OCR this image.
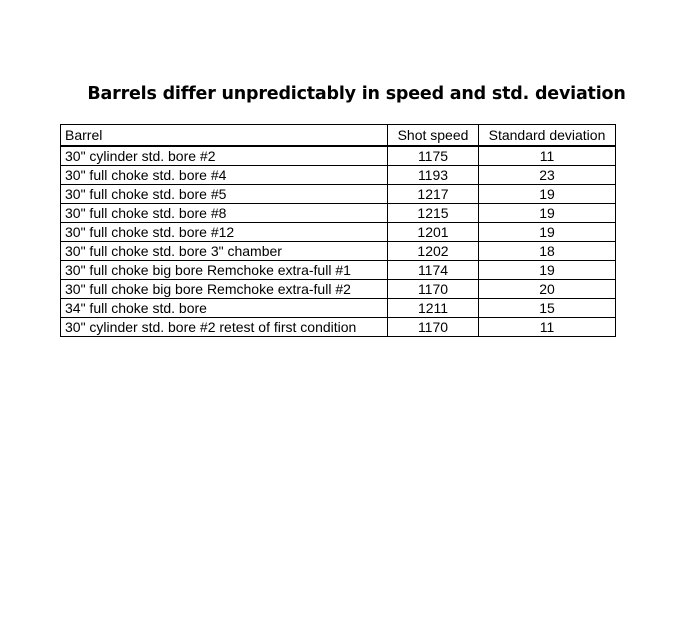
Barrels differ unpredictably in speed and std. deviation
Barrel	Shot speed	Standard deviation
30" cylinder std. bore #2	1175	11
30" full choke std. bore #4	1193	23
30" full choke std. bore #5	1217	19
30" full choke std. bore #8	1215	19
30" full choke std. bore #12	1201	19
30" full choke std. bore 3" chamber	1202	18
30" full choke big bore Remchoke extra-full #1	1174	19
30" full choke big bore Remchoke extra-full #2	1170	20
34" full choke std. bore	1211	15
30" cylinder std. bore #2 retest of first condition	1170	11
